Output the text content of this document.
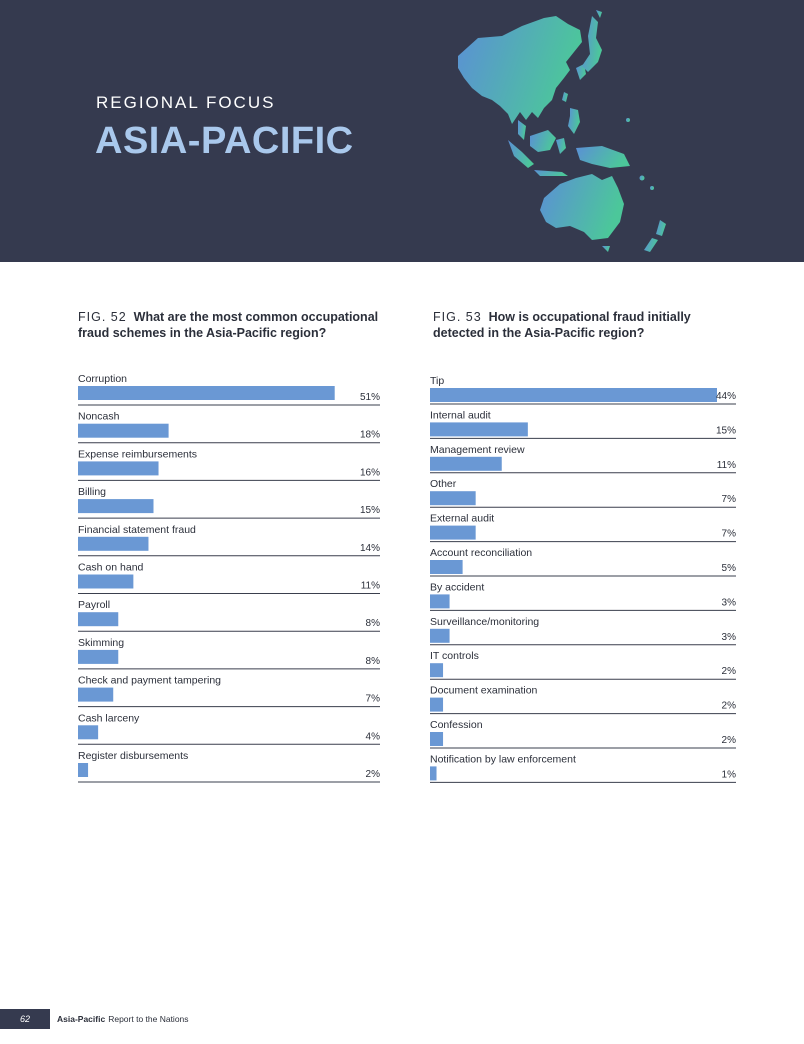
REGIONAL FOCUS
ASIA-PACIFIC
FIG. 52 What are the most common occupational fraud schemes in the Asia-Pacific region?
FIG. 53 How is occupational fraud initially detected in the Asia-Pacific region?
Corruption
51%
Noncash
18%
Expense reimbursements
16%
Billing
15%
Financial statement fraud
14%
Cash on hand
11%
Payroll
8%
Skimming
8%
Check and payment tampering
7%
Cash larceny
4%
Register disbursements
2%
Tip
44%
Internal audit
15%
Management review
11%
Other
7%
External audit
7%
Account reconciliation
5%
By accident
3%
Surveillance/monitoring
3%
IT controls
2%
Document examination
2%
Confession
2%
Notification by law enforcement
1%
62	Asia-Pacific Report to the Nations
